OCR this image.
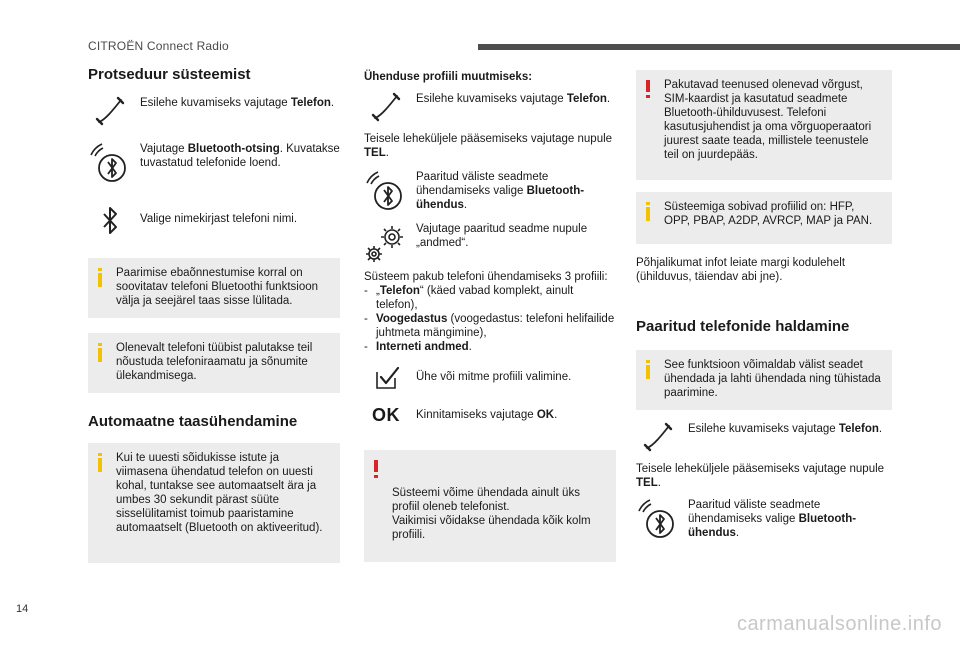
CITROËN Connect Radio
Protseduur süsteemist
Esilehe kuvamiseks vajutage Telefon.
Vajutage Bluetooth-otsing. Kuvatakse tuvastatud telefonide loend.
Valige nimekirjast telefoni nimi.
Paarimise ebaõnnestumise korral on soovitatav telefoni Bluetoothi funktsioon välja ja seejärel taas sisse lülitada.
Olenevalt telefoni tüübist palutakse teil nõustuda telefoniraamatu ja sõnumite ülekandmisega.
Automaatne taasühendamine
Kui te uuesti sõidukisse istute ja viimasena ühendatud telefon on uuesti kohal, tuntakse see automaatselt ära ja umbes 30 sekundit pärast süüte sisselülitamist toimub paaristamine automaatselt (Bluetooth on aktiveeritud).
Ühenduse profiili muutmiseks:
Esilehe kuvamiseks vajutage Telefon.
Teisele leheküljele pääsemiseks vajutage nupule TEL.
Paaritud väliste seadmete ühendamiseks valige Bluetooth-ühendus.
Vajutage paaritud seadme nupule „andmed“.
Süsteem pakub telefoni ühendamiseks 3 profiili:
- „Telefon“ (käed vabad komplekt, ainult telefon),
- Voogedastus (voogedastus: telefoni helifailide juhtmeta mängimine),
- Interneti andmed.
Ühe või mitme profiili valimine.
OK Kinnitamiseks vajutage OK.

Süsteemi võime ühendada ainult üks profiil oleneb telefonist.
Vaikimisi võidakse ühendada kõik kolm profiili.

Pakutavad teenused olenevad võrgust, SIM-kaardist ja kasutatud seadmete Bluetooth-ühilduvusest. Telefoni kasutusjuhendist ja oma võrguoperaatori juurest saate teada, millistele teenustele teil on juurdepääs.
Süsteemiga sobivad profiilid on: HFP, OPP, PBAP, A2DP, AVRCP, MAP ja PAN.
Põhjalikumat infot leiate margi kodulehelt (ühilduvus, täiendav abi jne).
Paaritud telefonide haldamine
See funktsioon võimaldab välist seadet ühendada ja lahti ühendada ning tühistada paarimine.
Esilehe kuvamiseks vajutage Telefon.
Teisele leheküljele pääsemiseks vajutage nupule TEL.
Paaritud väliste seadmete ühendamiseks valige Bluetooth-ühendus.
14
carmanualsonline.info
